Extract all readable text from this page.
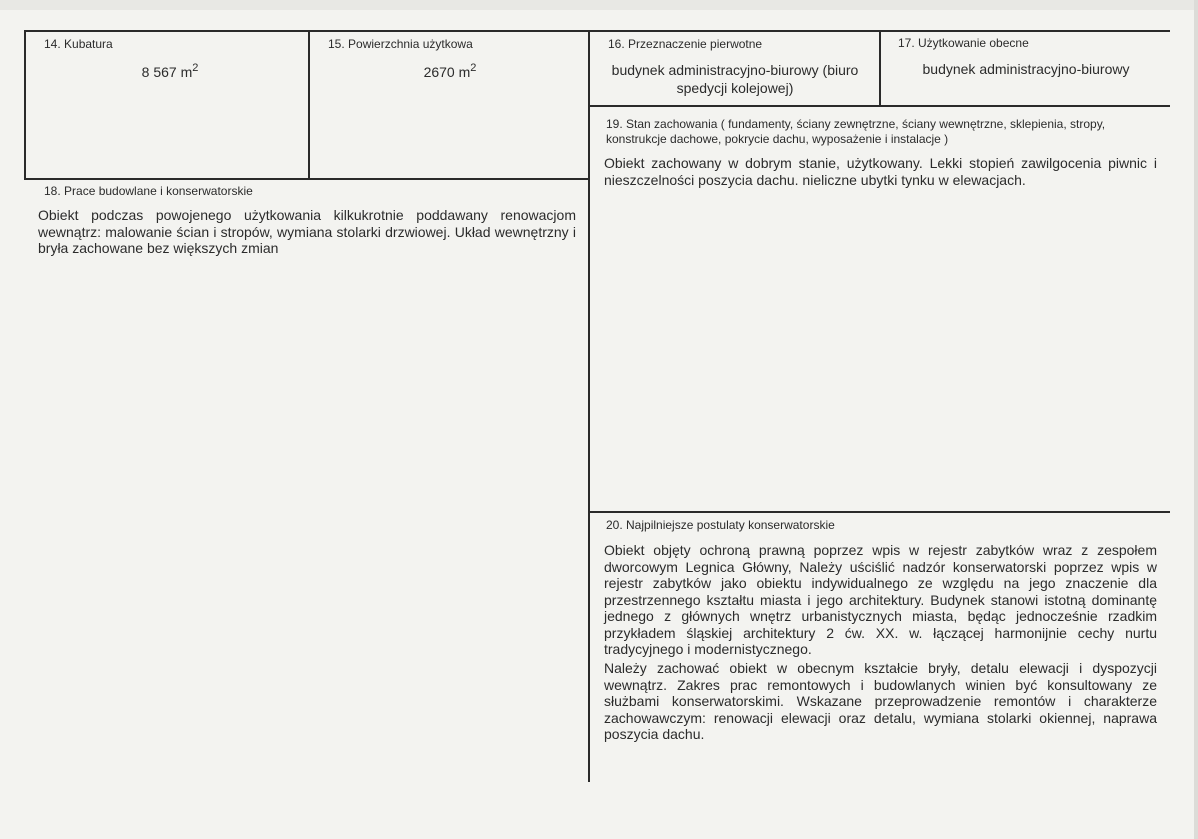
14. Kubatura
8 567 $m^2$
15. Powierzchnia użytkowa
2670 $m^2$
16. Przeznaczenie pierwotne
budynek administracyjno-biurowy (biuro spedycji kolejowej)
17. Użytkowanie obecne
budynek administracyjno-biurowy
18. Prace budowlane i konserwatorskie

Obiekt podczas powojenego użytkowania kilkukrotnie poddawany renowacjom wewnątrz: malowanie ścian i stropów, wymiana stolarki drzwiowej. Układ wewnętrzny i bryła zachowane bez większych zmian

19. Stan zachowania ( fundamenty, ściany zewnętrzne, ściany wewnętrzne, sklepienia, stropy, konstrukcje dachowe, pokrycie dachu, wyposażenie i instalacje )

Obiekt zachowany w dobrym stanie, użytkowany. Lekki stopień zawilgocenia piwnic i nieszczelności poszycia dachu. nieliczne ubytki tynku w elewacjach.

20. Najpilniejsze postulaty konserwatorskie

Obiekt objęty ochroną prawną poprzez wpis w rejestr zabytków wraz z zespołem dworcowym Legnica Główny, Należy uściślić nadzór konserwatorski poprzez wpis w rejestr zabytków jako obiektu indywidualnego ze względu na jego znaczenie dla przestrzennego kształtu miasta i jego architektury. Budynek stanowi istotną dominantę jednego z głównych wnętrz urbanistycznych miasta, będąc jednocześnie rzadkim przykładem śląskiej architektury 2 ćw. XX. w. łączącej harmonijnie cechy nurtu tradycyjnego i modernistycznego.

Należy zachować obiekt w obecnym kształcie bryły, detalu elewacji i dyspozycji wewnątrz. Zakres prac remontowych i budowlanych winien być konsultowany ze służbami konserwatorskimi. Wskazane przeprowadzenie remontów i charakterze zachowawczym: renowacji elewacji oraz detalu, wymiana stolarki okiennej, naprawa poszycia dachu.
